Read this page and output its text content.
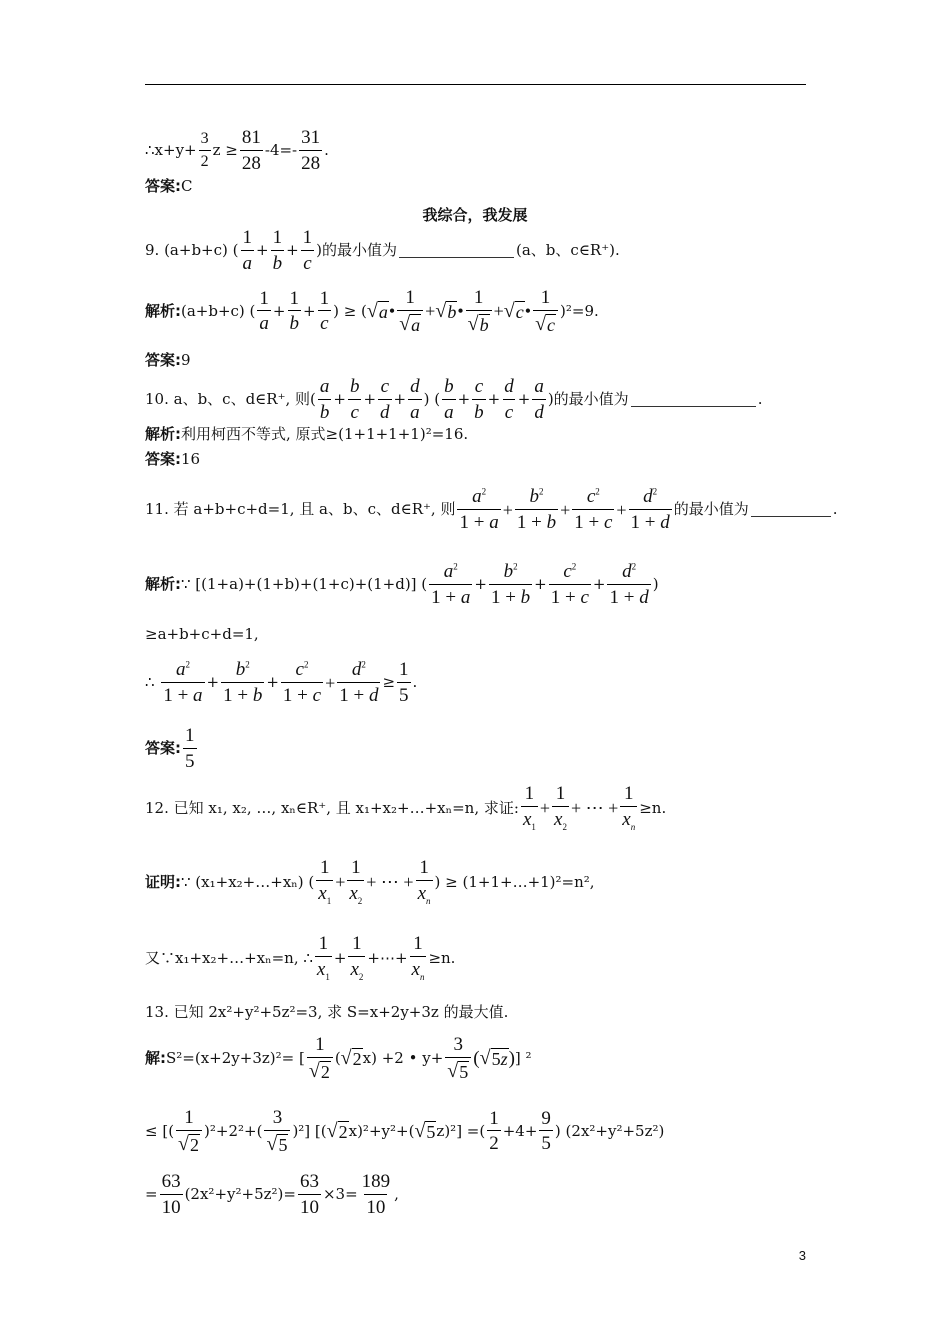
∴x+y+ $\frac{3}{2}$ $z \ge \frac{81}{28} -4=-$
31
28
.
答案: C
我综合，我发展
9. (a+b+c) (
1
a
+
1
b
+
1
c
)的最小值为	(a、b、c∈R⁺).
解析: (a+b+c) (
1
a
+
1
b
+
1
c
) ≥ ( √ a •
1
√ a
+ √ b •
1
√ b
+ √ c •
1
√ c
)²=9.
答案: 9
10. a、b、c、d∈R⁺, 则(
a
b
+
b
c
+
c
d
+
d
a
) (
b
a
+
c
b
+
d
c
+
a
d
)的最小值为	.
解析: 利用柯西不等式, 原式≥(1+1+1+1)²=16.
答案: 16
11. 若 a+b+c+d=1, 且 a、b、c、d∈R⁺, 则
$a^2$
1 + a
+ $\frac{b^2}{1 + b} + \frac{c^2}{1 + c} + \frac{d^2}{1 + d}$ 的最小值为	.
解析: ∵ [(1+a)+(1+b)+(1+c)+(1+d)] (
$a^2$
1 + a
+
$b^2$
1 + b
+
$c^2$
1 + c
+
$d^2$
1 + d
)
≥a+b+c+d=1,
∴

$a^2$
1 + a
+
$b^2$
1 + b
+
$c^2$
1 + c
+ $\frac{d^2}{1 + d} \ge \frac{1}{5}$ .
答案:
1
5
12. 已知 x₁, x₂, …, xₙ∈R⁺, 且 x₁+x₂+…+xₙ=n, 求证:
1
$x_1$
+ $\frac{1}{x_2}$ + ⋯ + $\frac{1}{x_n} \ge n$.
证明: ∵ (x₁+x₂+…+xₙ) (
1
$x_1$
+ $\frac{1}{x_2}$ + ⋯ + $\frac{1}{x_n}$ ) ≥ (1+1+…+1)²=n²,
又∵x₁+x₂+…+xₙ=n, ∴
1
$x_1$
+
1
$x_2$
+⋯+ $\frac{1}{x_n} \ge n$.
13. 已知 2x²+y²+5z²=3, 求 S=x+2y+3z 的最大值.
解: S²=(x+2y+3z)²= [
1
√ 2
( √ 2 x) +2 • $y+ \frac{3}{√ 5}$ ( √ 5z ) ] ²
≤ [(
1
√ 2
)²+2²+(
3
√ 5
)²] [( √ 2 x)²+y²+( √ 5 z)²] =(
1
2
$+4+ \frac{9}{5}$ ) (2x²+y²+5z²)
= $\frac{63}{10} (2x^2+y^2+5z^2)= \frac{63}{10} \times 3= \frac{189}{10}$ ,
3
